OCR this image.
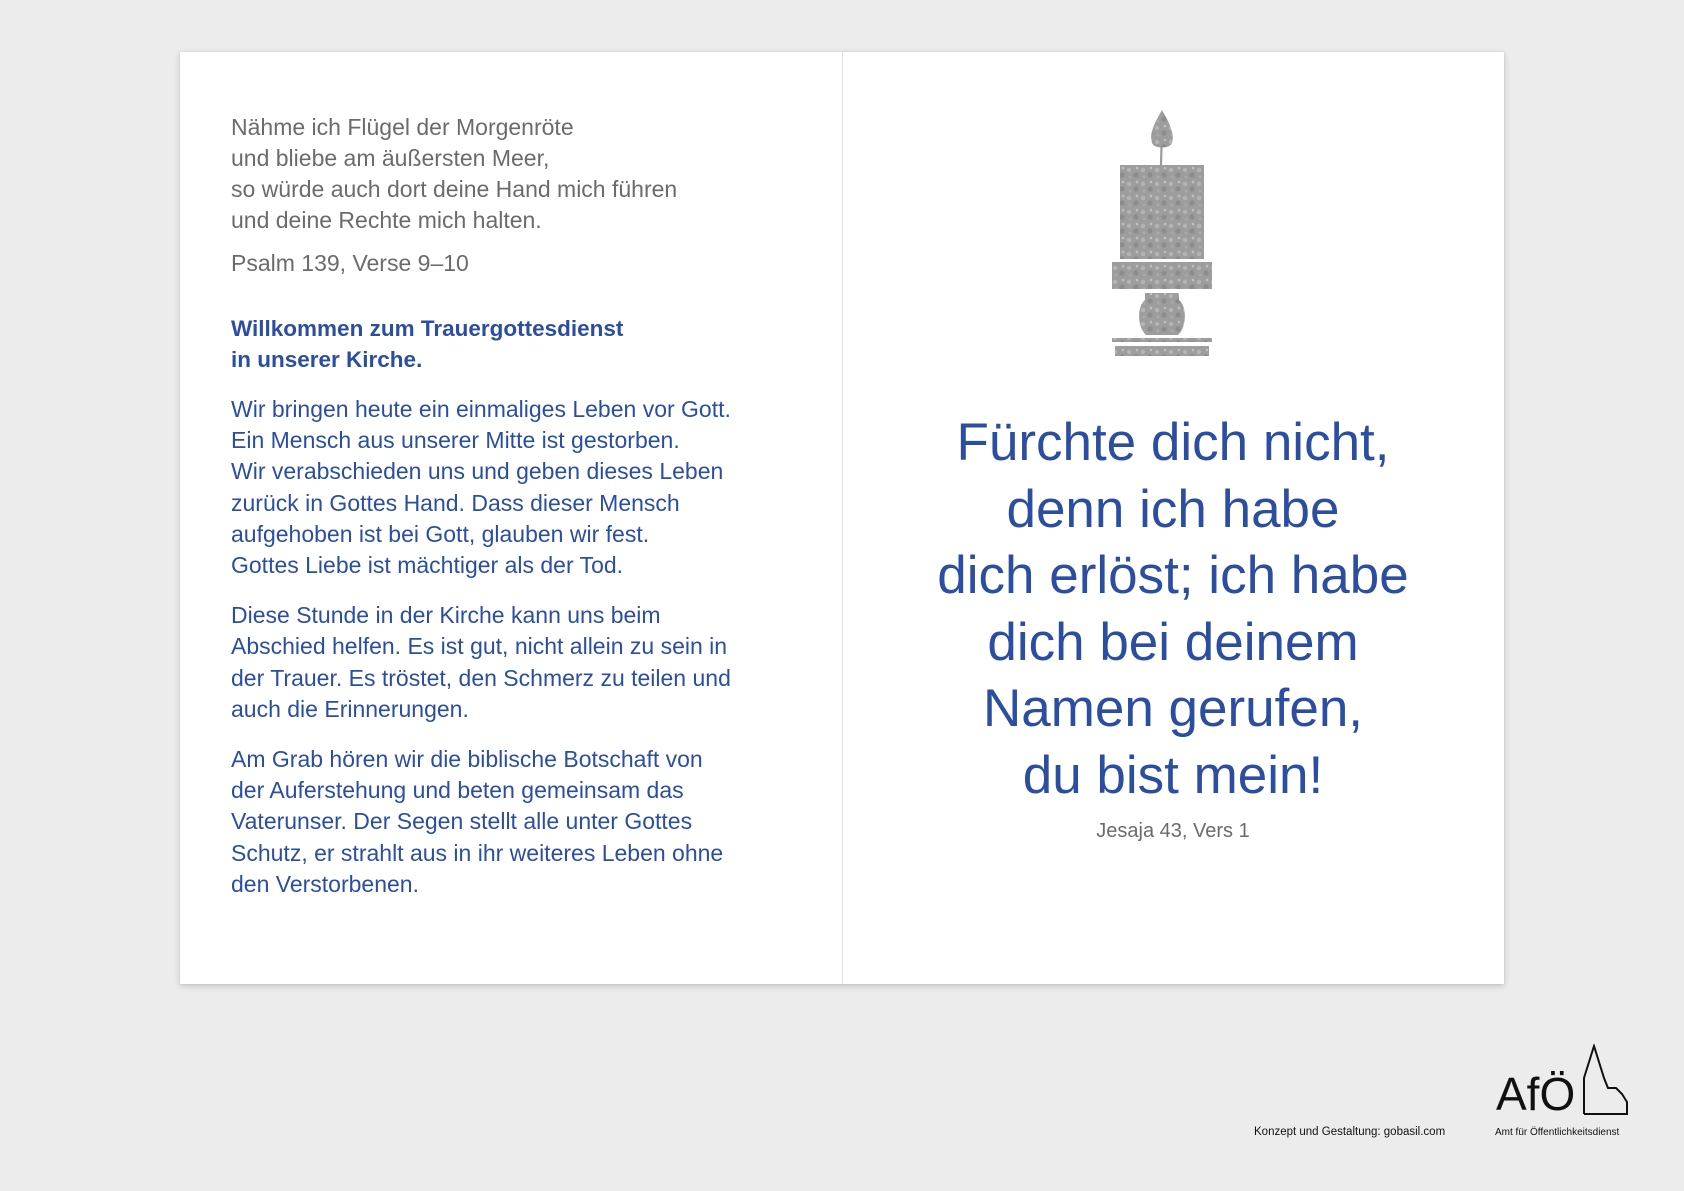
Nähme ich Flügel der Morgenröte
und bliebe am äußersten Meer,
so würde auch dort deine Hand mich führen
und deine Rechte mich halten.

Psalm 139, Verse 9–10

Willkommen zum Trauergottesdienst
in unserer Kirche.

Wir bringen heute ein einmaliges Leben vor Gott.
Ein Mensch aus unserer Mitte ist gestorben.
Wir verabschieden uns und geben dieses Leben
zurück in Gottes Hand. Dass dieser Mensch
aufgehoben ist bei Gott, glauben wir fest.
Gottes Liebe ist mächtiger als der Tod.

Diese Stunde in der Kirche kann uns beim
Abschied helfen. Es ist gut, nicht allein zu sein in
der Trauer. Es tröstet, den Schmerz zu teilen und
auch die Erinnerungen.

Am Grab hören wir die biblische Botschaft von
der Auferstehung und beten gemeinsam das
Vaterunser. Der Segen stellt alle unter Gottes
Schutz, er strahlt aus in ihr weiteres Leben ohne
den Verstorbenen.

Fürchte dich nicht,
denn ich habe
dich erlöst; ich habe
dich bei deinem
Namen gerufen,
du bist mein!

Jesaja 43, Vers 1

Konzept und Gestaltung: gobasil.com
AfÖ
Amt für Öffentlichkeitsdienst
